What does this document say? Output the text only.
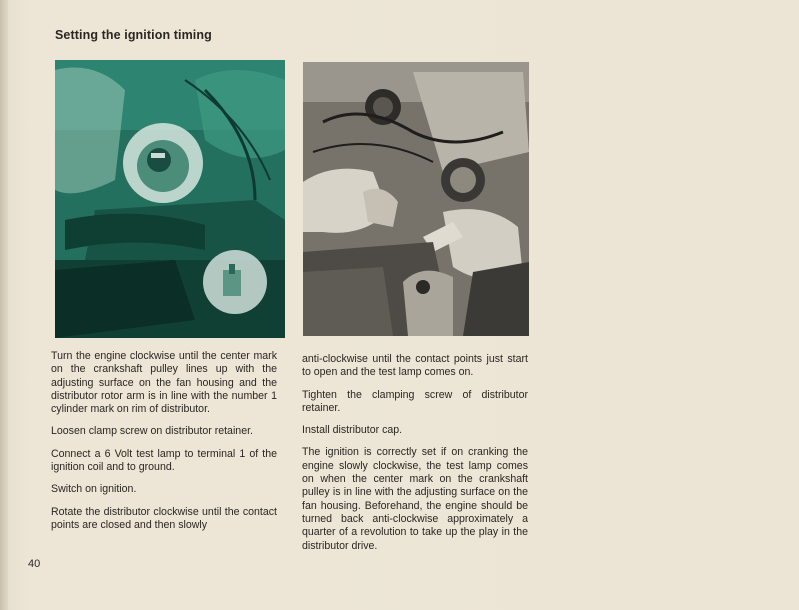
Setting the ignition timing

Turn the engine clockwise until the center mark on the crankshaft pulley lines up with the adjusting surface on the fan housing and the distributor rotor arm is in line with the number 1 cylinder mark on rim of distributor.

Loosen clamp screw on distributor retainer.

Connect a 6 Volt test lamp to terminal 1 of the ignition coil and to ground.

Switch on ignition.

Rotate the distributor clockwise until the contact points are closed and then slowly

anti-clockwise until the contact points just start to open and the test lamp comes on.

Tighten the clamping screw of distributor retainer.

Install distributor cap.

The ignition is correctly set if on cranking the engine slowly clockwise, the test lamp comes on when the center mark on the crankshaft pulley is in line with the adjusting surface on the fan housing. Beforehand, the engine should be turned back anti-clockwise approximately a quarter of a revolution to take up the play in the distributor drive.

40
